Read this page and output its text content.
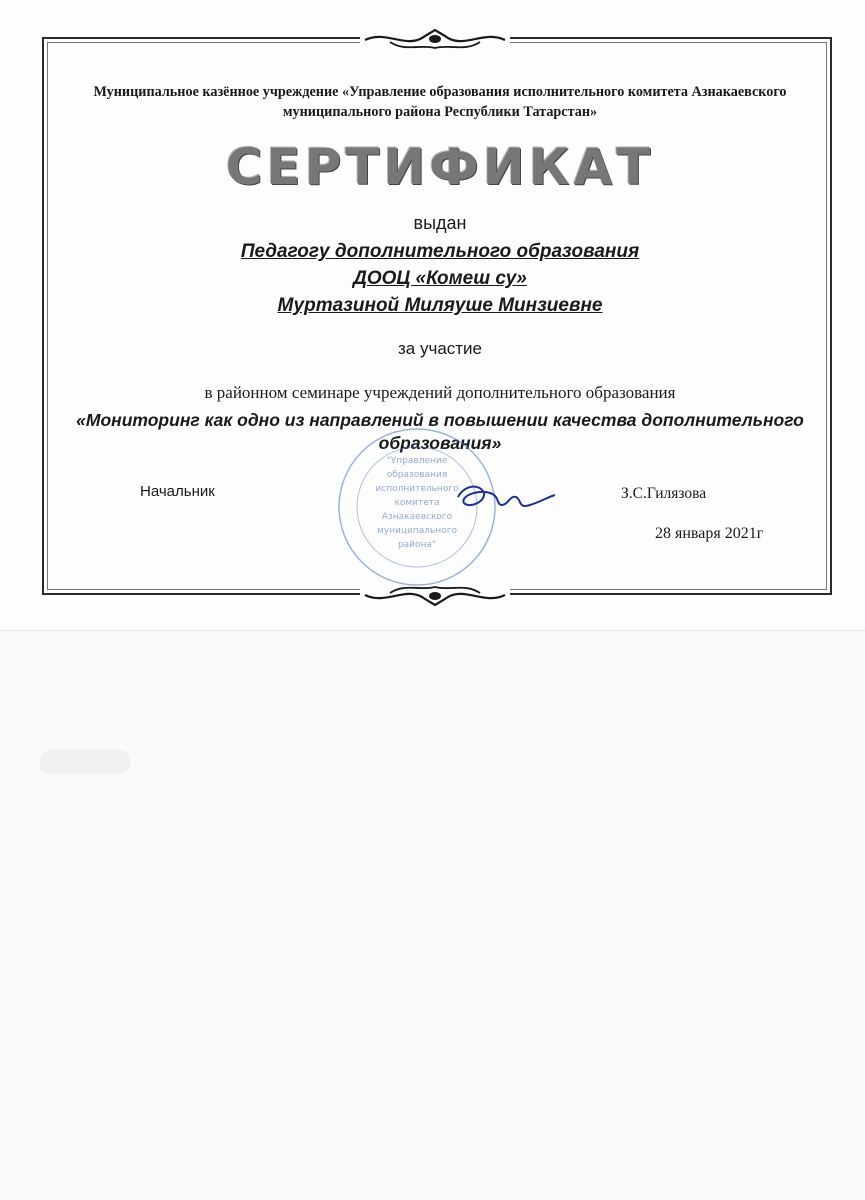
Муниципальное казённое учреждение «Управление образования исполнительного комитета Азнакаевского муниципального района Республики Татарстан»
СЕРТИФИКАТ
выдан
Педагогу дополнительного образования
ДООЦ «Комеш су»
Муртазиной Миляуше Минзиевне
за участие
в районном семинаре учреждений дополнительного образования
«Мониторинг как одно из направлений в повышении качества дополнительного образования»
"Управление
образования
исполнительного
комитета
Азнакаевского
муниципального
района"
Начальник	З.С.Гилязова
28 января 2021г
